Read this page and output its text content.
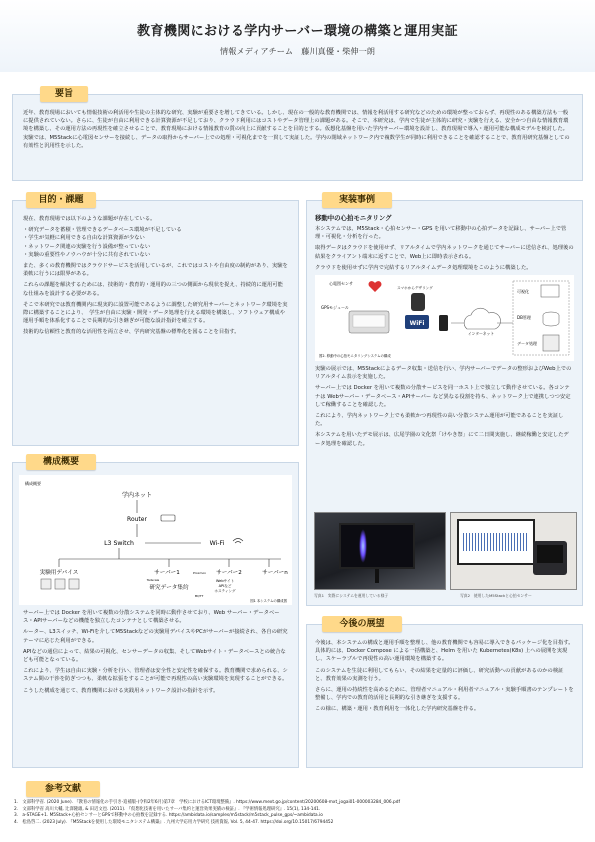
教育機関における学内サーバー環境の構築と運用実証
情報メディアチーム　藤川真優・柴伸一朗
近年、教育現場においても情報技術の利活用や生徒の主体的な研究、実験が重要さを増してきている。しかし、現在の一般的な教育機関では、情報を利活用する研究などのための環境が整っておらず、再現性のある構築方法も一般に提供されていない。さらに、生徒が自由に利用できる計算資源が不足しており、クラウド利用にはコストやデータ管理上の課題がある。そこで、本研究は、学内で生徒が主体的に研究・実験を行える、安全かつ自由な情報教育環境を構築し、その運用方法の再現性を確立させることで、教育現場における情報教育の質の向上に貢献することを目的とする。仮想化基盤を用いた学内サーバー環境を設計し、教育現場で導入・運用可能な構成モデルを検討した。実験では、M5Stackに心電図センサーを接続し、データの取得からサーバー上での処理・可視化までを一貫して実証した。学内の閉域ネットワーク内で複数学生が同時に利用できることを確認することで、教育用研究基盤としての有効性と汎用性を示した。
要旨

現在、教育現場では以下のような課題が存在している。

・研究データを蓄積・管理できるデータベース環境が不足している
・学生が気軽に利用できる自由な計算資源が少ない
・ネットワーク関連の実験を行う設備が整っていない
・実験の重要性やノウハウが十分に共有されていない

また、多くの教育機関ではクラウドサービスを活用しているが、これではコストや自由度の制約があり、実験を柔軟に行うには限界がある。

これらの課題を解決するためには、技術的・教育的・運用的の三つの側面から現状を捉え、持続的に運用可能な仕組みを設計する必要がある。

そこで本研究では教育機関内に現実的に設置可能であるように調整した研究用サーバーとネットワーク環境を実際に構築することにより、　学生が自由に実験・開発・データ処理を行える環境を構築し、ソフトウェア構成や運用手順を体系化することで長期的な引き継ぎが可能な設計指針を確立する。

技術的な信頼性と教育的な活用性を両立させ、学内研究基盤の標準化を図ることを目指す。

目的・課題
構成概要
学内ネット
Router
L3 Switch	Wi-Fi
実験用デバイス	サーバー1	Proxmox
Tailscale
研究データ集約
MQTT
サーバー2
Webサイト
APIなど
ホスティング
サーバーn
図1 本システムの構成図

サーバー上では Docker を用いて複数の分散システムを同時に動作させており、Web サーバー・データベース・APIサーバーなどの機能を独立したコンテナとして構築させる。

ルーター、L3スイッチ、Wi-Fiを介してM5Stackなどの実験用デバイスやPCがサーバーが接続され、各自の研究テーマに応じた利用ができる。

APIなどの通信によって、結果の可視化、センサーデータの収集、そしてWebサイト・データベースとの統合なども可能となっている。

これにより、学生は自由に実験・分析を行い、管理者は安全性と安定性を確保する。教育機関で求められる、システム間の干渉を防ぎつつも、柔軟な拡張をすることが可能で再現性の高い実験環境を実現することができる。

こうした構成を通じて、教育機関における実践用ネットワーク設計の指針を示す。

構成概要
移動中の心拍モニタリング

本システムでは、M5Stack・心拍センサー・GPS を用いて移動中の心拍データを記録し、サーバー上で管理・可視化・分析を行った。

取得データはクラウドを使用せず、リアルタイムで学内ネットワークを通じてサーバーに送信され、処理後の結果をクライアント端末に返すことで、Web上に即時表示される。

クラウドを使用せずに学内で完結するリアルタイムデータ処理環境をこのように構築した。

心電図センサ
スマホからデザリング
GPSモジュール
WiFi
インターネット
可視化
DB管理
データ処理
図2. 移動中の心拍モニタリングシステムの構成

実験の展示では、M5Stackによるデータ収集・送信を行い、学内サーバーでデータの整形およびWeb上でのリアルタイム表示を実施した。

サーバー上では Docker を用いて複数の分散サービスを同一ホスト上で独立して動作させている。各コンテナは Webサーバー・データベース・APIサーバー など異なる役割を持ち、ネットワーク上で連携しつつ安定して稼働することを確認した。

これにより、学内ネットワーク上でも柔軟かつ再現性の高い分散システム運用が可能であることを実証した。

本システムを用いたデモ展示は、広尾学園の文化祭「けやき祭」にて二日間実施し、継続稼働と安定したデータ処理を確認した。

実装事例
写真1　実際にシステムを運用している様子	写真2　使用したM5Stackと心拍センサー

今後は、本システムの構成と運用手順を整理し、他の教育機関でも容易に導入できるパッケージ化を目指す。具体的には、Docker Compose による一括構築と、Helm を用いた Kubernetes(K8s) 上への展開を実現し、スケーラブルで再現性の高い運用環境を構築する。

このシステムを生徒に利用してもらい、その結果を定量的に評価し、研究活動への貢献があるのかの検証と、教育効果の実測を行う。

さらに、運用の持続性を高めるために、管理者マニュアル・利用者マニュアル・実験手順書のテンプレートを整備し、学内での教育的活用と長期的な引き継ぎを支援する。

この様に、構築・運用・教育利用を一体化した学内研究基盤を作る。

今後の展望
参考文献
1.　文部科学省. (2020 June). 『教育の情報化の手引き-追補版-(令和2年6月)第7章　学校におけるICT環境整備』. https://www.mext.go.jp/content/20200608-mxt_jogai01-000003284_006.pdf
2.　文部科学省 高川大輔, 辻澤隆雄, & 田辺文也. (2011). 『仮想化技術を用いたサーバ集約と運営効果実績の検証』. 『学術情報処理研究』. 15(1), 134-141.
3.　a-STAGE+1. M5Stack+心拍センサーとGPSで移動中の心拍数を記録する. https://ambidata.io/samples/m5stack/m5stack_pulse_gps/~ambidata.io
4.　松島啓二. (2023 July). 『M5Stackを使用した環境モニタシステム構築』. 九州大学応用力学研究 技術資報, Vol. 5, 44-47. https://doi.org/10.15017/6794452
